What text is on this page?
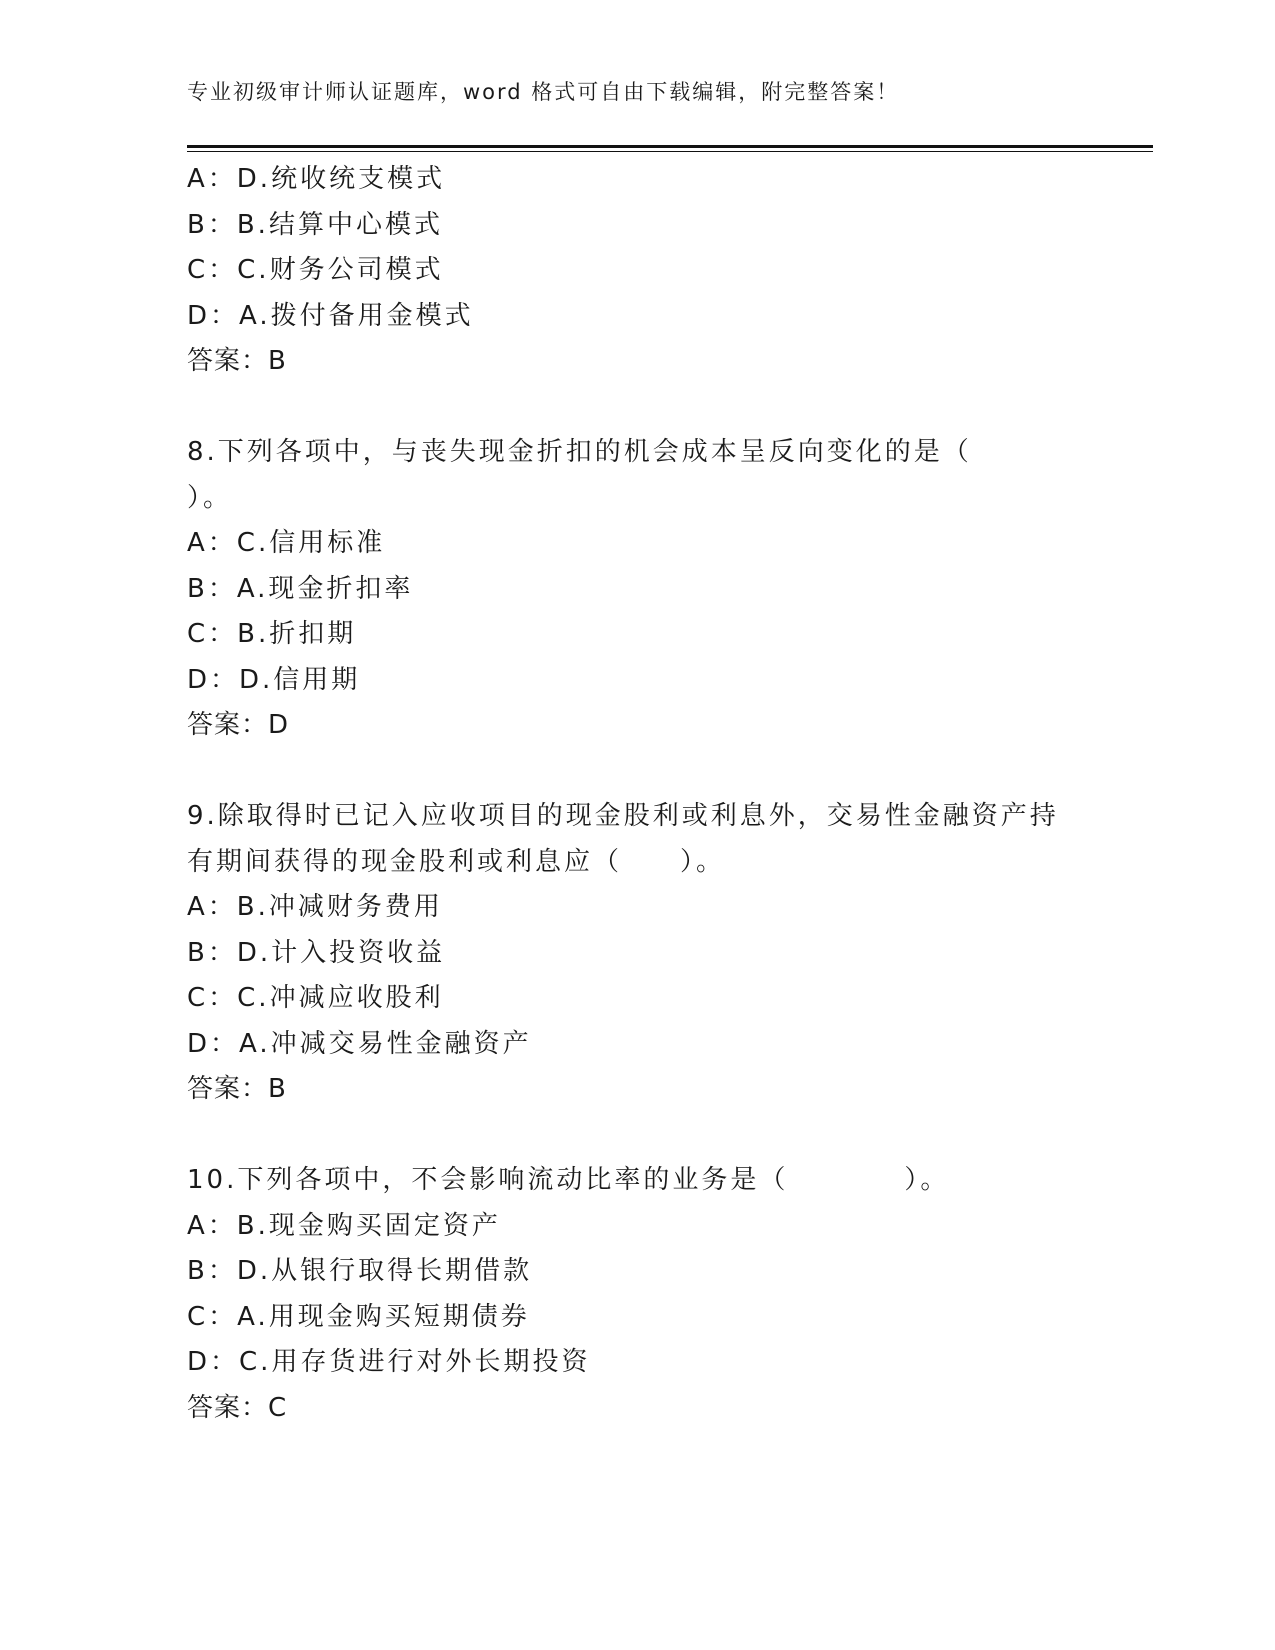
专业初级审计师认证题库，word 格式可自由下载编辑，附完整答案！
A：D.统收统支模式
B：B.结算中心模式
C：C.财务公司模式
D：A.拨付备用金模式
答案：B
8.下列各项中，与丧失现金折扣的机会成本呈反向变化的是（
）。
A：C.信用标准
B：A.现金折扣率
C：B.折扣期
D：D.信用期
答案：D
9.除取得时已记入应收项目的现金股利或利息外，交易性金融资产持
有期间获得的现金股利或利息应（　　）。
A：B.冲减财务费用
B：D.计入投资收益
C：C.冲减应收股利
D：A.冲减交易性金融资产
答案：B
10.下列各项中，不会影响流动比率的业务是（　　　　）。
A：B.现金购买固定资产
B：D.从银行取得长期借款
C：A.用现金购买短期债券
D：C.用存货进行对外长期投资
答案：C
